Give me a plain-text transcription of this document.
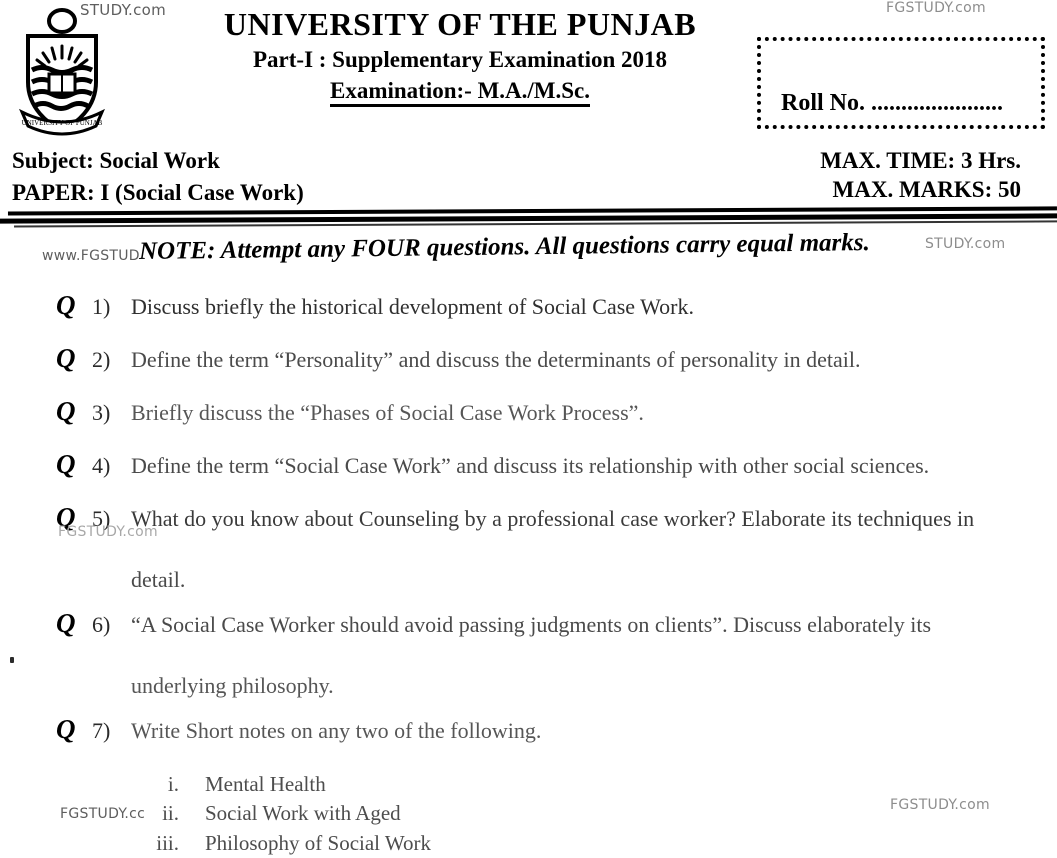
STUDY.com	FGSTUDY.com
UNIVERSITY OF PUNJAB
UNIVERSITY OF THE PUNJAB
Part-I : Supplementary Examination 2018
Examination:- M.A./M.Sc.	Roll No. ......................
Subject: Social Work
PAPER: I (Social Case Work)
MAX. TIME: 3 Hrs.
MAX. MARKS: 50
www.FGSTUD
STUDY.com
NOTE: Attempt any FOUR questions. All questions carry equal marks.
Q 1) Discuss briefly the historical development of Social Case Work.
Q 2) Define the term “Personality” and discuss the determinants of personality in detail.
Q 3) Briefly discuss the “Phases of Social Case Work Process”.
Q 4) Define the term “Social Case Work” and discuss its relationship with other social sciences.
Q 5) What do you know about Counseling by a professional case worker? Elaborate its techniques in
detail.
FGSTUDY.com
Q 6) “A Social Case Worker should avoid passing judgments on clients”. Discuss elaborately its
underlying philosophy.
Q 7) Write Short notes on any two of the following.
i. Mental Health
ii. Social Work with Aged
iii. Philosophy of Social Work
FGSTUDY.cc
FGSTUDY.com
